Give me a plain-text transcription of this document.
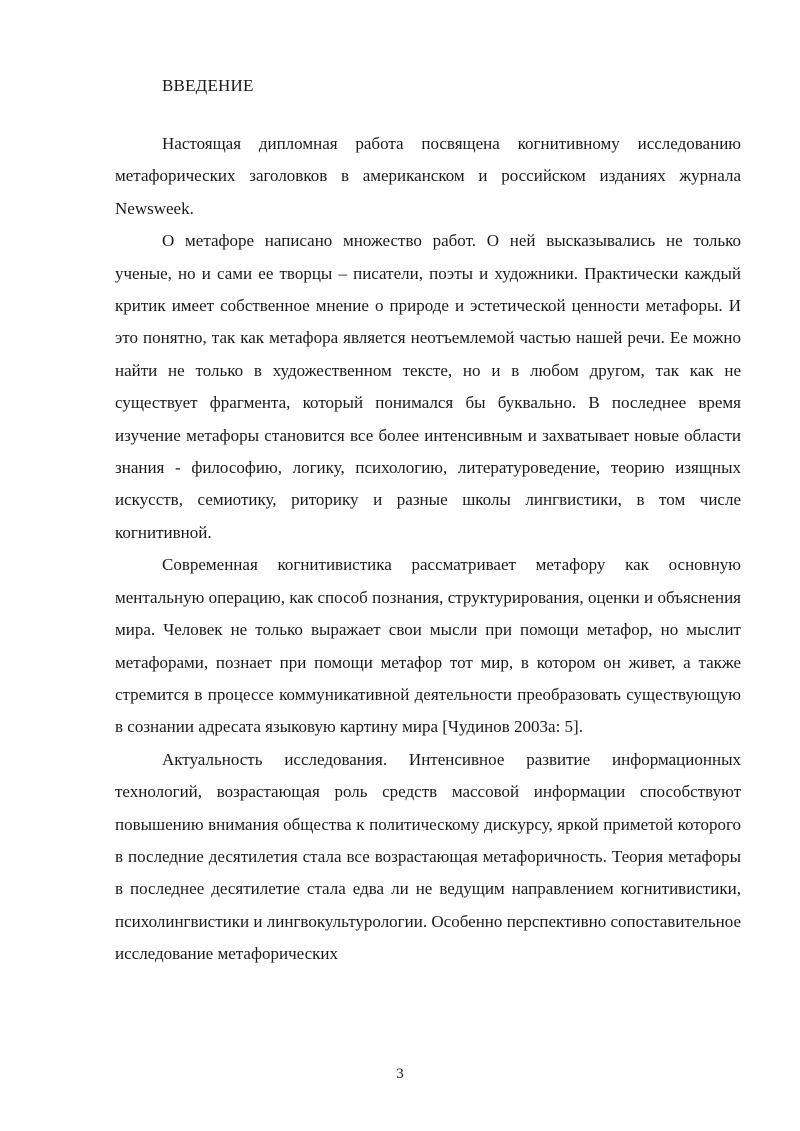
ВВЕДЕНИЕ

Настоящая дипломная работа посвящена когнитивному исследованию метафорических заголовков в американском и российском изданиях журнала Newsweek.

О метафоре написано множество работ. О ней высказывались не только ученые, но и сами ее творцы – писатели, поэты и художники. Практически каждый критик имеет собственное мнение о природе и эстетической ценности метафоры. И это понятно, так как метафора является неотъемлемой частью нашей речи. Ее можно найти не только в художественном тексте, но и в любом другом, так как не существует фрагмента, который понимался бы буквально. В последнее время изучение метафоры становится все более интенсивным и захватывает новые области знания - философию, логику, психологию, литературоведение, теорию изящных искусств, семиотику, риторику и разные школы лингвистики, в том числе когнитивной.

Современная когнитивистика рассматривает метафору как основную ментальную операцию, как способ познания, структурирования, оценки и объяснения мира. Человек не только выражает свои мысли при помощи метафор, но мыслит метафорами, познает при помощи метафор тот мир, в котором он живет, а также стремится в процессе коммуникативной деятельности преобразовать существующую в сознании адресата языковую картину мира [Чудинов 2003а: 5].

Актуальность исследования. Интенсивное развитие информационных технологий, возрастающая роль средств массовой информации способствуют повышению внимания общества к политическому дискурсу, яркой приметой которого в последние десятилетия стала все возрастающая метафоричность. Теория метафоры в последнее десятилетие стала едва ли не ведущим направлением когнитивистики, психолингвистики и лингвокультурологии. Особенно перспективно сопоставительное исследование метафорических

3
